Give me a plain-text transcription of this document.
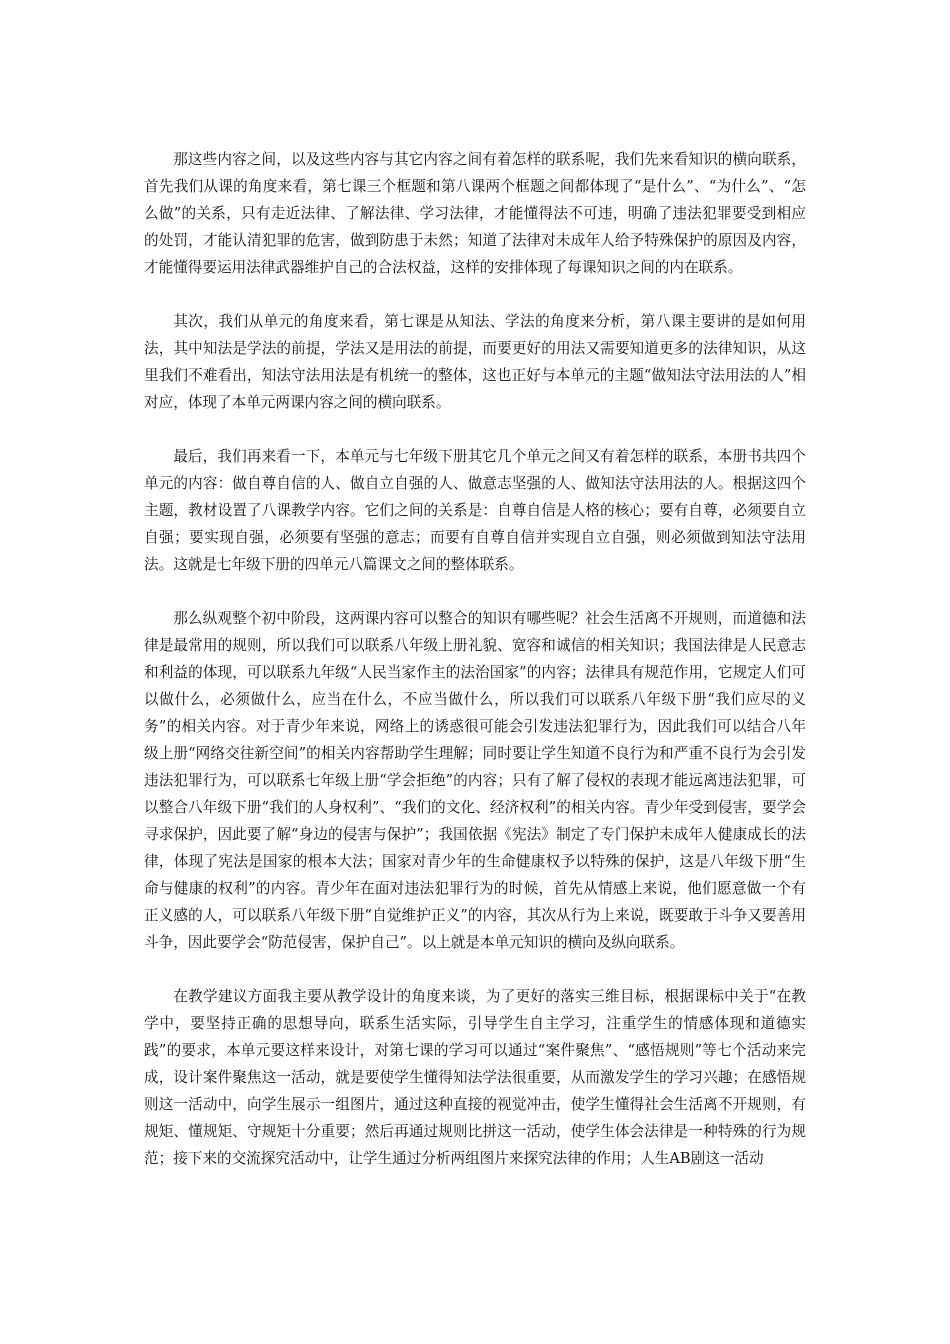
那这些内容之间，以及这些内容与其它内容之间有着怎样的联系呢，我们先来看知识的横向联系，首先我们从课的角度来看，第七课三个框题和第八课两个框题之间都体现了“是什么”、“为什么”、“怎么做”的关系，只有走近法律、了解法律、学习法律，才能懂得法不可违，明确了违法犯罪要受到相应的处罚，才能认清犯罪的危害，做到防患于未然；知道了法律对未成年人给予特殊保护的原因及内容，才能懂得要运用法律武器维护自己的合法权益，这样的安排体现了每课知识之间的内在联系。

其次，我们从单元的角度来看，第七课是从知法、学法的角度来分析，第八课主要讲的是如何用法，其中知法是学法的前提，学法又是用法的前提，而要更好的用法又需要知道更多的法律知识，从这里我们不难看出，知法守法用法是有机统一的整体，这也正好与本单元的主题“做知法守法用法的人”相对应，体现了本单元两课内容之间的横向联系。

最后，我们再来看一下，本单元与七年级下册其它几个单元之间又有着怎样的联系，本册书共四个单元的内容：做自尊自信的人、做自立自强的人、做意志坚强的人、做知法守法用法的人。根据这四个主题，教材设置了八课教学内容。它们之间的关系是：自尊自信是人格的核心；要有自尊，必须要自立自强；要实现自强，必须要有坚强的意志；而要有自尊自信并实现自立自强，则必须做到知法守法用法。这就是七年级下册的四单元八篇课文之间的整体联系。

那么纵观整个初中阶段，这两课内容可以整合的知识有哪些呢？社会生活离不开规则，而道德和法律是最常用的规则，所以我们可以联系八年级上册礼貌、宽容和诚信的相关知识；我国法律是人民意志和利益的体现，可以联系九年级“人民当家作主的法治国家”的内容；法律具有规范作用，它规定人们可以做什么，必须做什么，应当在什么，不应当做什么，所以我们可以联系八年级下册“我们应尽的义务”的相关内容。对于青少年来说，网络上的诱惑很可能会引发违法犯罪行为，因此我们可以结合八年级上册“网络交往新空间”的相关内容帮助学生理解；同时要让学生知道不良行为和严重不良行为会引发违法犯罪行为，可以联系七年级上册“学会拒绝”的内容；只有了解了侵权的表现才能远离违法犯罪，可以整合八年级下册“我们的人身权利”、“我们的文化、经济权利”的相关内容。青少年受到侵害，要学会寻求保护，因此要了解“身边的侵害与保护”；我国依据《宪法》制定了专门保护未成年人健康成长的法律，体现了宪法是国家的根本大法；国家对青少年的生命健康权予以特殊的保护，这是八年级下册“生命与健康的权利”的内容。青少年在面对违法犯罪行为的时候，首先从情感上来说，他们愿意做一个有正义感的人，可以联系八年级下册“自觉维护正义”的内容，其次从行为上来说，既要敢于斗争又要善用斗争，因此要学会“防范侵害，保护自己”。以上就是本单元知识的横向及纵向联系。

在教学建议方面我主要从教学设计的角度来谈，为了更好的落实三维目标，根据课标中关于“在教学中，要坚持正确的思想导向，联系生活实际，引导学生自主学习，注重学生的情感体现和道德实践”的要求，本单元要这样来设计，对第七课的学习可以通过“案件聚焦”、“感悟规则”等七个活动来完成，设计案件聚焦这一活动，就是要使学生懂得知法学法很重要，从而激发学生的学习兴趣；在感悟规则这一活动中，向学生展示一组图片，通过这种直接的视觉冲击，使学生懂得社会生活离不开规则，有规矩、懂规矩、守规矩十分重要；然后再通过规则比拼这一活动，使学生体会法律是一种特殊的行为规范；接下来的交流探究活动中，让学生通过分析两组图片来探究法律的作用；人生AB剧这一活动
